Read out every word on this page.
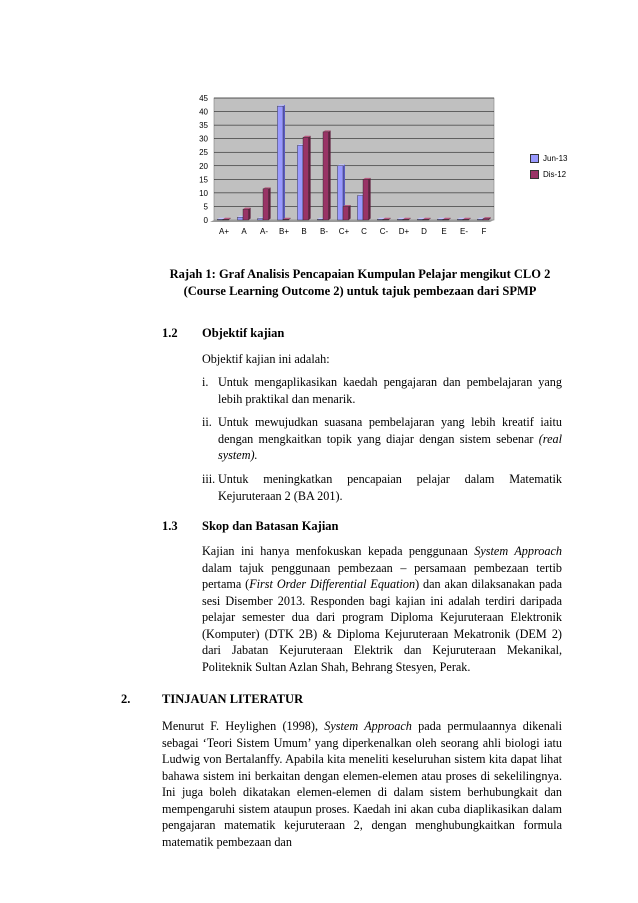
0
5
10
15
20
25
30
35
40
45
A+ A A- B+ B B- C+ C C- D+ D E E- F
Jun-13
Dis-12
Rajah 1: Graf Analisis Pencapaian Kumpulan Pelajar mengikut CLO 2
(Course Learning Outcome 2) untuk tajuk pembezaan dari SPMP
1.2 Objektif kajian
Objektif kajian ini adalah:
i. Untuk mengaplikasikan kaedah pengajaran dan pembelajaran yang lebih praktikal dan menarik.
ii. Untuk mewujudkan suasana pembelajaran yang lebih kreatif iaitu dengan mengkaitkan topik yang diajar dengan sistem sebenar (real system).
iii. Untuk meningkatkan pencapaian pelajar dalam Matematik Kejuruteraan 2 (BA 201).
1.3 Skop dan Batasan Kajian
Kajian ini hanya menfokuskan kepada penggunaan System Approach dalam tajuk penggunaan pembezaan – persamaan pembezaan tertib pertama (First Order Differential Equation) dan akan dilaksanakan pada sesi Disember 2013. Responden bagi kajian ini adalah terdiri daripada pelajar semester dua dari program Diploma Kejuruteraan Elektronik (Komputer) (DTK 2B) & Diploma Kejuruteraan Mekatronik (DEM 2) dari Jabatan Kejuruteraan Elektrik dan Kejuruteraan Mekanikal, Politeknik Sultan Azlan Shah, Behrang Stesyen, Perak.
2.	TINJAUAN LITERATUR
Menurut F. Heylighen (1998), System Approach pada permulaannya dikenali sebagai ‘Teori Sistem Umum’ yang diperkenalkan oleh seorang ahli biologi iatu Ludwig von Bertalanffy. Apabila kita meneliti keseluruhan sistem kita dapat lihat bahawa sistem ini berkaitan dengan elemen-elemen atau proses di sekelilingnya. Ini juga boleh dikatakan elemen-elemen di dalam sistem berhubungkait dan mempengaruhi sistem ataupun proses. Kaedah ini akan cuba diaplikasikan dalam pengajaran matematik kejuruteraan 2, dengan menghubungkaitkan formula matematik pembezaan dan
